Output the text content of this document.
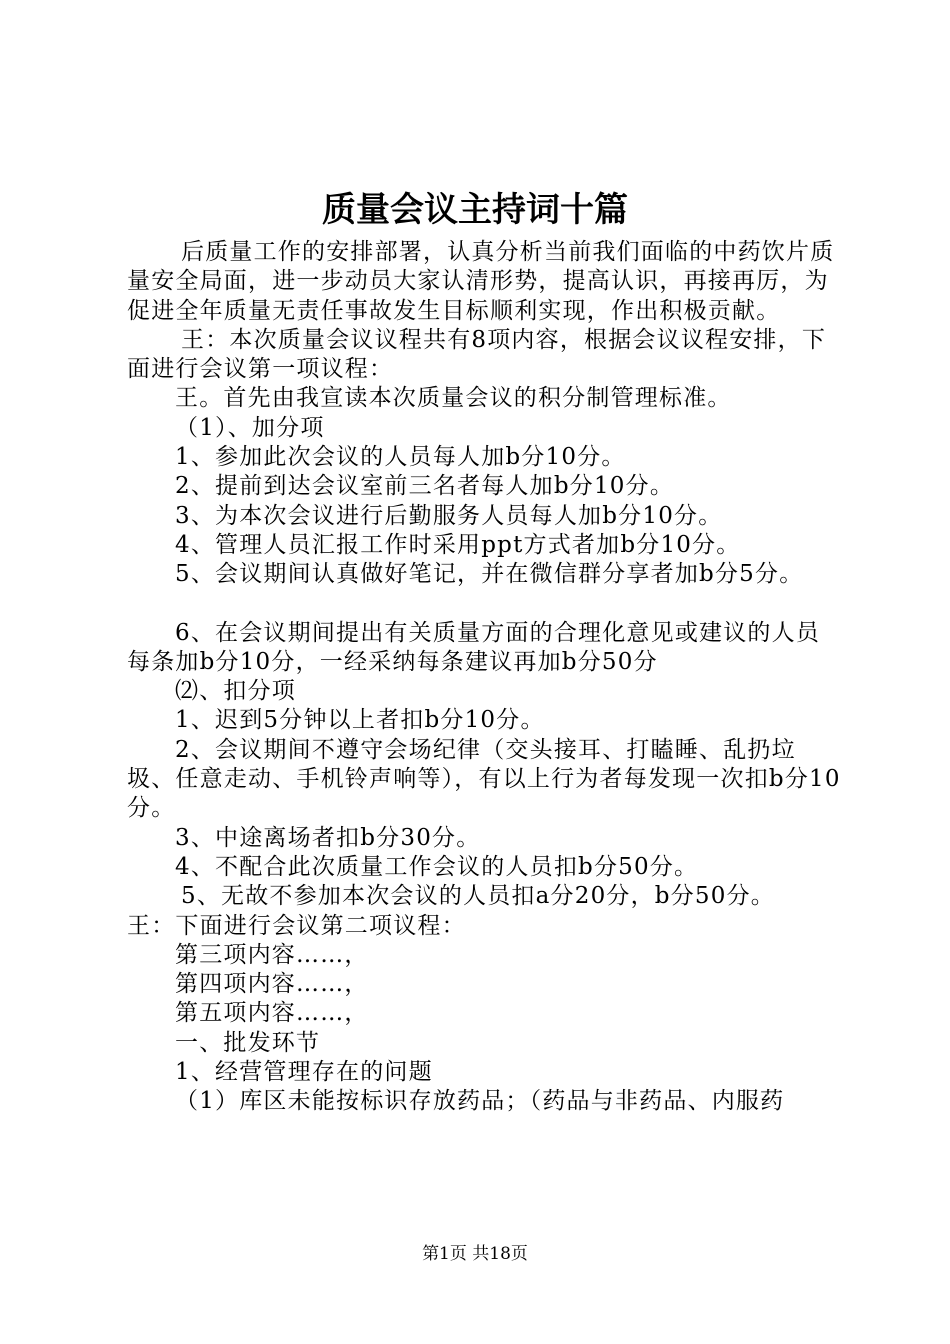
质量会议主持词十篇

后质量工作的安排部署，认真分析当前我们面临的中药饮片质量安全局面，进一步动员大家认清形势，提高认识，再接再厉，为促进全年质量无责任事故发生目标顺利实现，作出积极贡献。

王：本次质量会议议程共有8项内容，根据会议议程安排，下面进行会议第一项议程：

王。首先由我宣读本次质量会议的积分制管理标准。

（1）、加分项

1、参加此次会议的人员每人加b分10分。

2、提前到达会议室前三名者每人加b分10分。

3、为本次会议进行后勤服务人员每人加b分10分。

4、管理人员汇报工作时采用ppt方式者加b分10分。

5、会议期间认真做好笔记，并在微信群分享者加b分5分。

6、在会议期间提出有关质量方面的合理化意见或建议的人员每条加b分10分，一经采纳每条建议再加b分50分

⑵、扣分项

1、迟到5分钟以上者扣b分10分。

2、会议期间不遵守会场纪律（交头接耳、打瞌睡、乱扔垃圾、任意走动、手机铃声响等），有以上行为者每发现一次扣b分10分。

3、中途离场者扣b分30分。

4、不配合此次质量工作会议的人员扣b分50分。

5、无故不参加本次会议的人员扣a分20分，b分50分。

王：下面进行会议第二项议程：

第三项内容……，

第四项内容……，

第五项内容……，

一、批发环节

1、经营管理存在的问题

（1）库区未能按标识存放药品；（药品与非药品、内服药

第1页 共18页
